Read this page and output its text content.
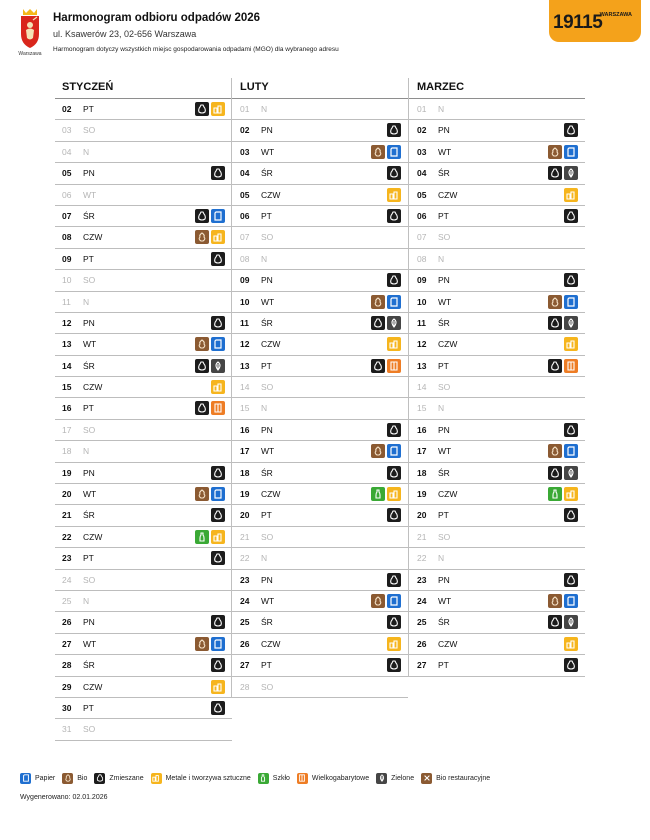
Warszawa
Harmonogram odbioru odpadów 2026
ul. Ksawerów 23, 02-656 Warszawa
Harmonogram dotyczy wszystkich miejsc gospodarowania odpadami (MGO) dla wybranego adresu
19115
WARSZAWA
STYCZEŃ
02	PT
03	SO
04	N
05	PN
06	WT
07	ŚR
08	CZW
09	PT
10	SO
11	N
12	PN
13	WT
14	ŚR
15	CZW
16	PT
17	SO
18	N
19	PN
20	WT
21	ŚR
22	CZW
23	PT
24	SO
25	N
26	PN
27	WT
28	ŚR
29	CZW
30	PT
31	SO
LUTY
01	N
02	PN
03	WT
04	ŚR
05	CZW
06	PT
07	SO
08	N
09	PN
10	WT
11	ŚR
12	CZW
13	PT
14	SO
15	N
16	PN
17	WT
18	ŚR
19	CZW
20	PT
21	SO
22	N
23	PN
24	WT
25	ŚR
26	CZW
27	PT
28	SO
MARZEC
01	N
02	PN
03	WT
04	ŚR
05	CZW
06	PT
07	SO
08	N
09	PN
10	WT
11	ŚR
12	CZW
13	PT
14	SO
15	N
16	PN
17	WT
18	ŚR
19	CZW
20	PT
21	SO
22	N
23	PN
24	WT
25	ŚR
26	CZW
27	PT
Papier	Bio	Zmieszane	Metale i tworzywa sztuczne	Szkło	Wielkogabarytowe	Zielone	Bio restauracyjne
Wygenerowano: 02.01.2026
